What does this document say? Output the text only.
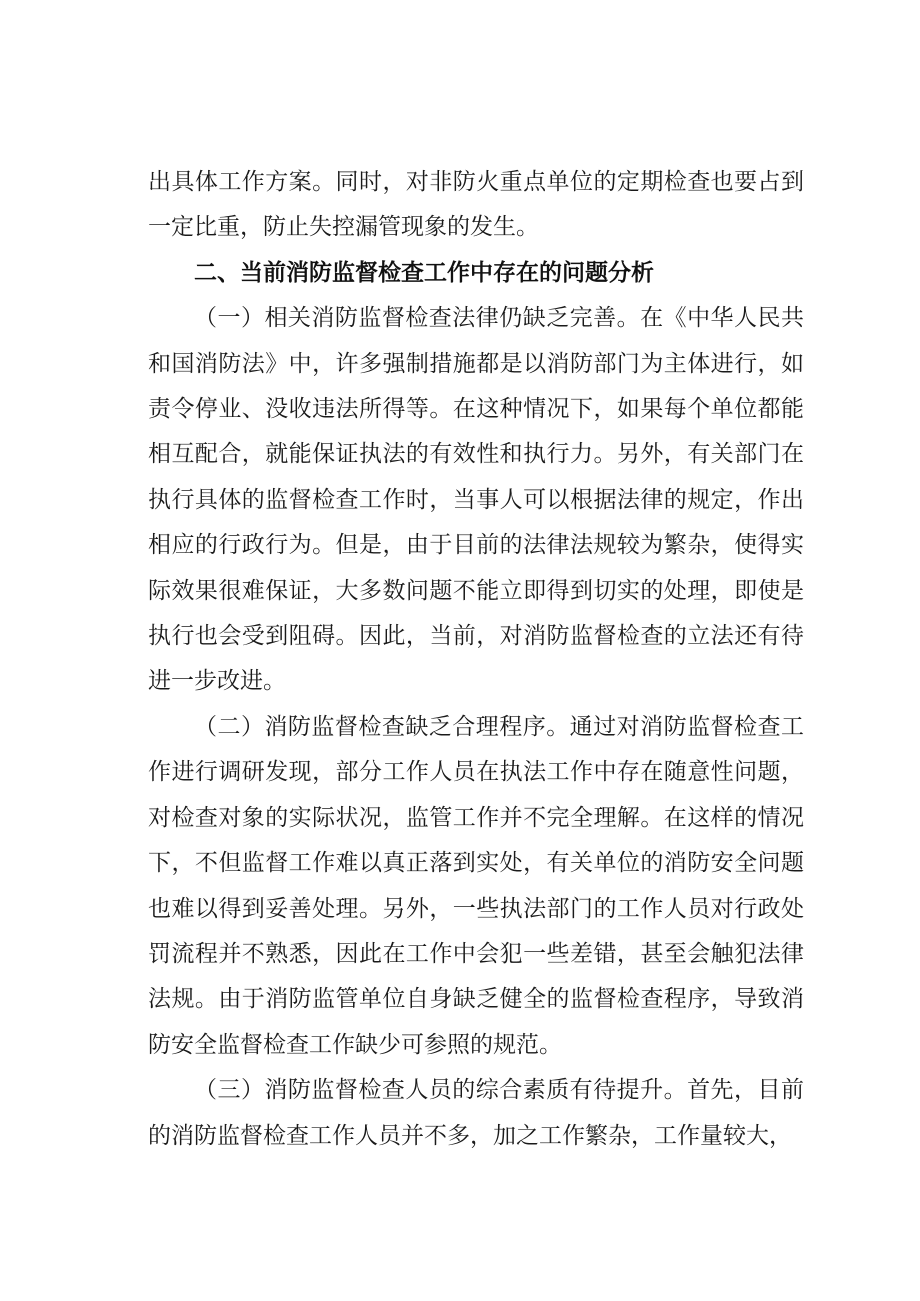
出具体工作方案。同时，对非防火重点单位的定期检查也要占到一定比重，防止失控漏管现象的发生。

二、当前消防监督检查工作中存在的问题分析

（一）相关消防监督检查法律仍缺乏完善。在《中华人民共和国消防法》中，许多强制措施都是以消防部门为主体进行，如责令停业、没收违法所得等。在这种情况下，如果每个单位都能相互配合，就能保证执法的有效性和执行力。另外，有关部门在执行具体的监督检查工作时，当事人可以根据法律的规定，作出相应的行政行为。但是，由于目前的法律法规较为繁杂，使得实际效果很难保证，大多数问题不能立即得到切实的处理，即使是执行也会受到阻碍。因此，当前，对消防监督检查的立法还有待进一步改进。

（二）消防监督检查缺乏合理程序。通过对消防监督检查工作进行调研发现，部分工作人员在执法工作中存在随意性问题，对检查对象的实际状况，监管工作并不完全理解。在这样的情况下，不但监督工作难以真正落到实处，有关单位的消防安全问题也难以得到妥善处理。另外，一些执法部门的工作人员对行政处罚流程并不熟悉，因此在工作中会犯一些差错，甚至会触犯法律法规。由于消防监管单位自身缺乏健全的监督检查程序，导致消防安全监督检查工作缺少可参照的规范。

（三）消防监督检查人员的综合素质有待提升。首先，目前的消防监督检查工作人员并不多，加之工作繁杂，工作量较大，
